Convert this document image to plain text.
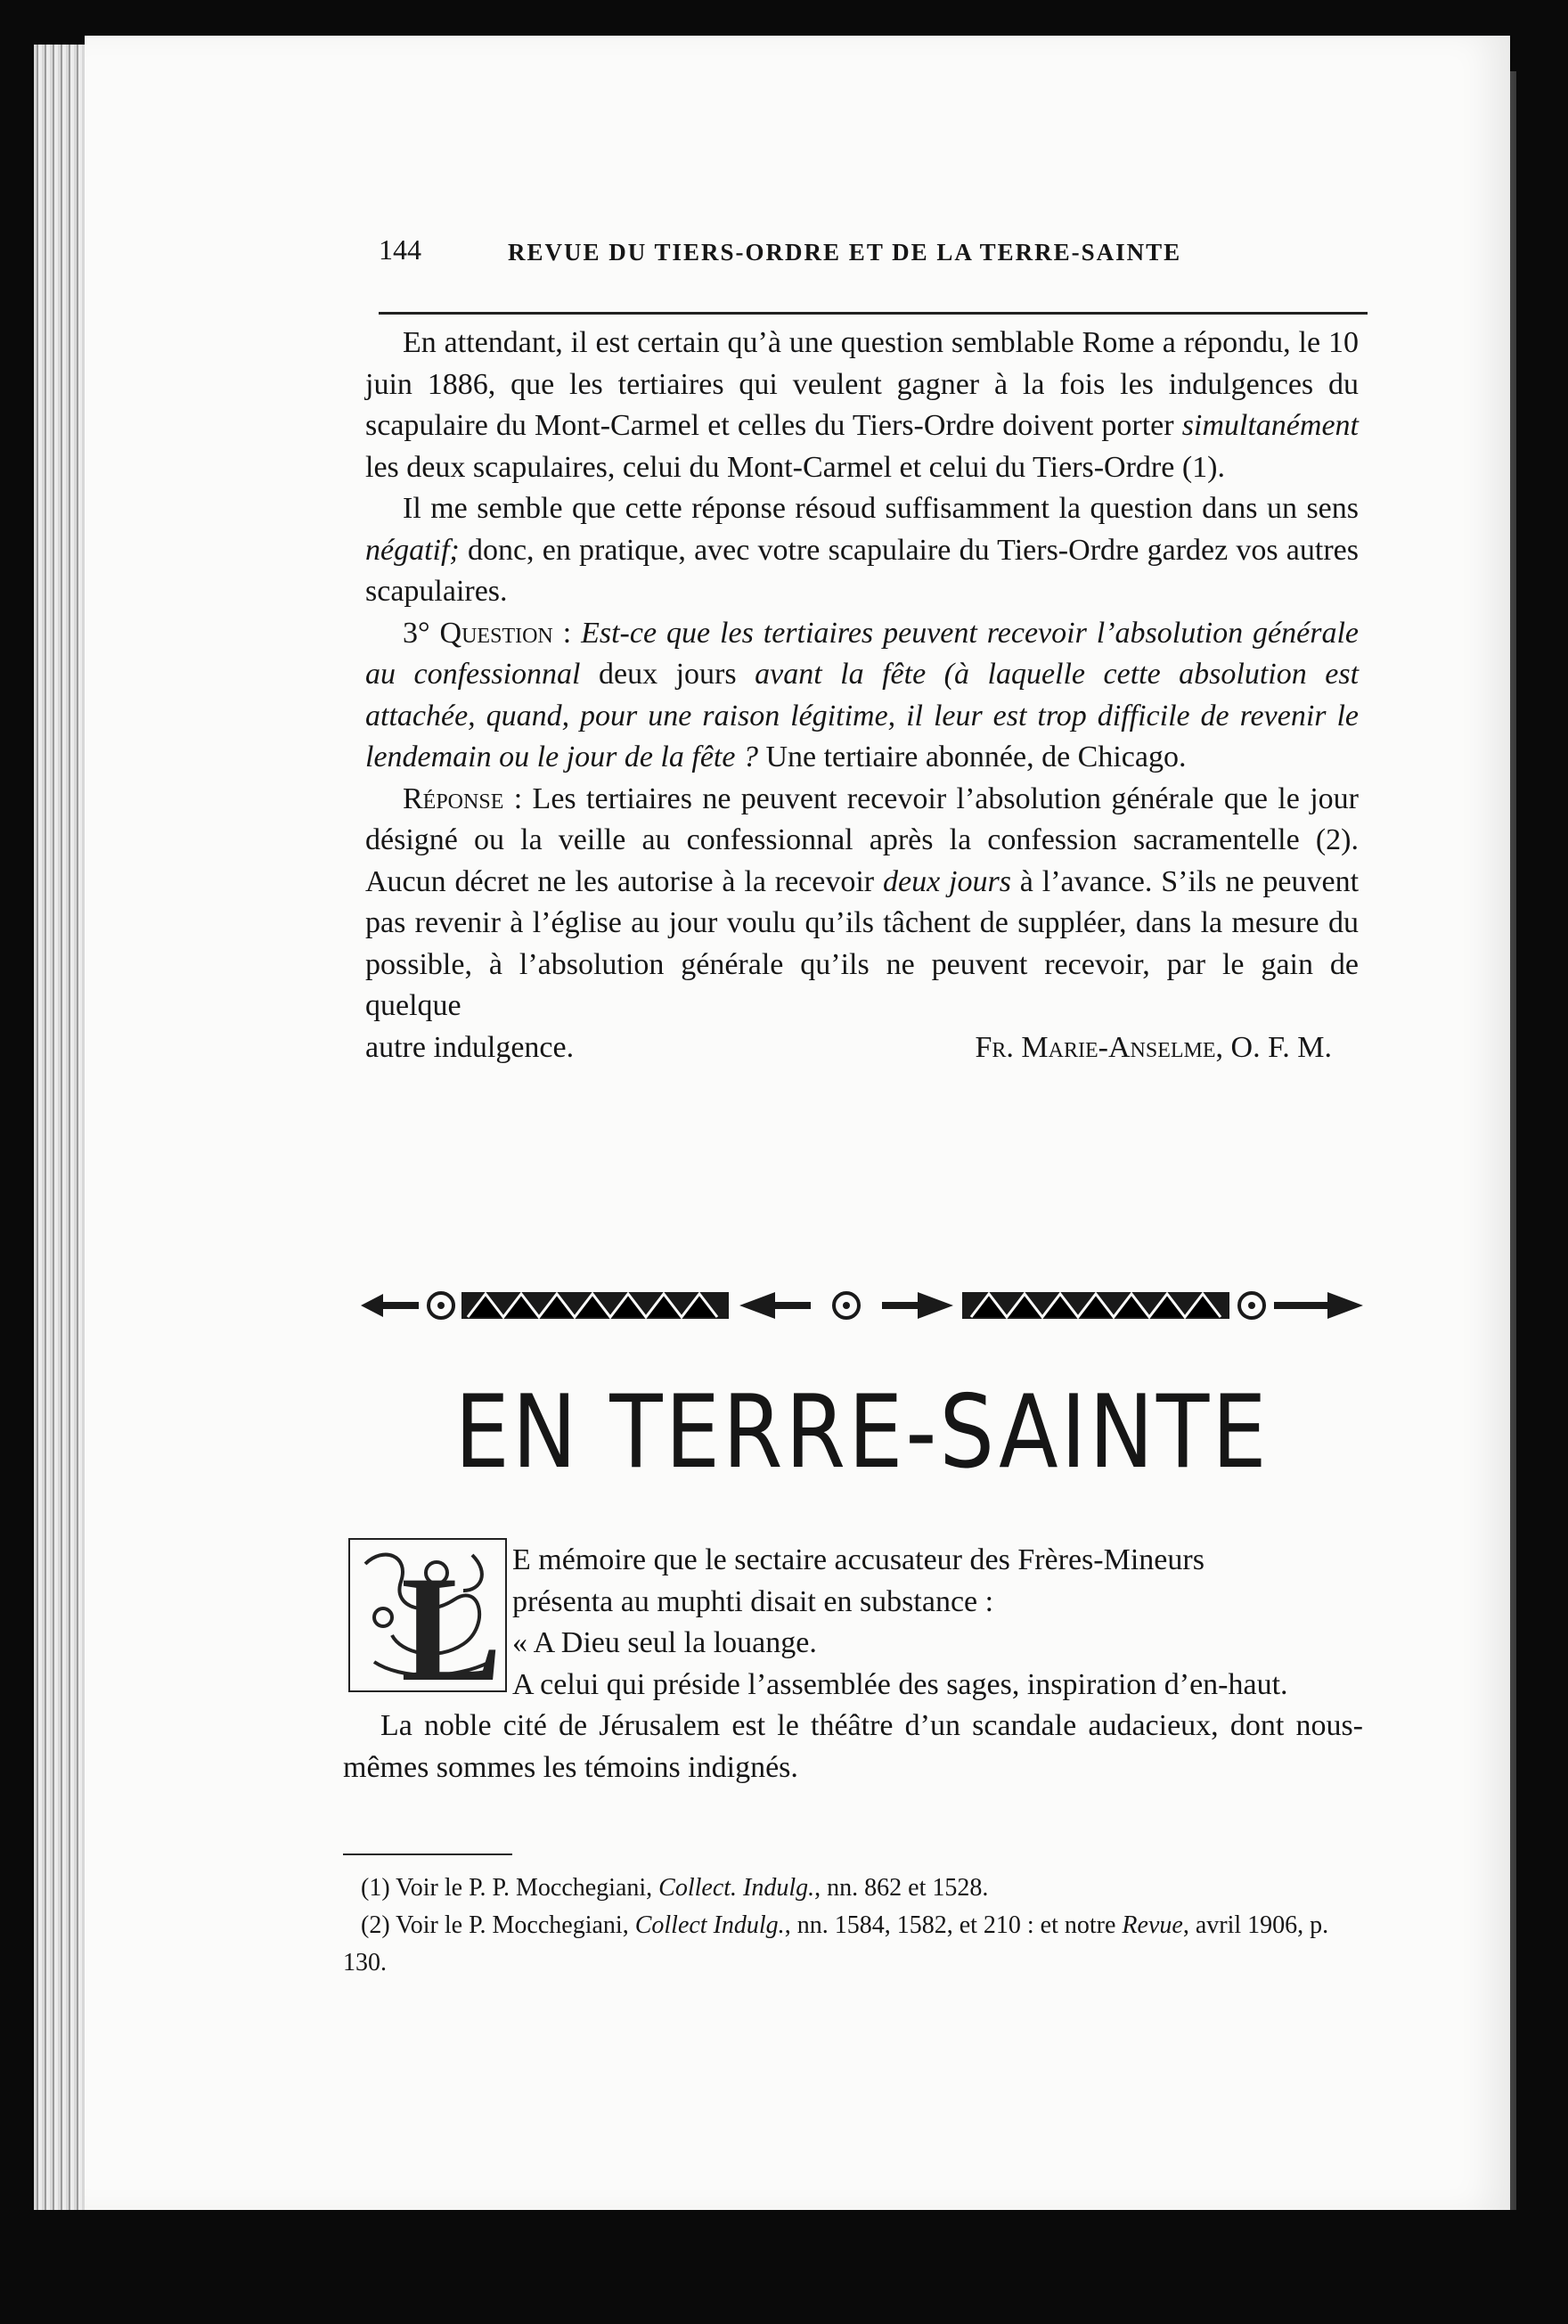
144	REVUE DU TIERS-ORDRE ET DE LA TERRE-SAINTE

En attendant, il est certain qu’à une question semblable Rome a répondu, le 10 juin 1886, que les tertiaires qui veulent gagner à la fois les indulgences du scapulaire du Mont-Carmel et celles du Tiers-Ordre doivent porter simultanément les deux scapulaires, celui du Mont-Carmel et celui du Tiers-Ordre (1).

Il me semble que cette réponse résoud suffisamment la question dans un sens négatif; donc, en pratique, avec votre scapulaire du Tiers-Ordre gardez vos autres scapulaires.

3° Question : Est-ce que les tertiaires peuvent recevoir l’absolution générale au confessionnal deux jours avant la fête (à laquelle cette absolution est attachée, quand, pour une raison légitime, il leur est trop difficile de revenir le lendemain ou le jour de la fête ? Une tertiaire abonnée, de Chicago.

Réponse : Les tertiaires ne peuvent recevoir l’absolution générale que le jour désigné ou la veille au confessionnal après la confession sacramentelle (2). Aucun décret ne les autorise à la recevoir deux jours à l’avance. S’ils ne peuvent pas revenir à l’église au jour voulu qu’ils tâchent de suppléer, dans la mesure du possible, à l’absolution générale qu’ils ne peuvent recevoir, par le gain de quelque

autre indulgence.	Fr. Marie-Anselme, O. F. M.
EN TERRE-SAINTE
L E mémoire que le sectaire accusateur des Frères-Mineurs

présenta au muphti disait en substance :

« A Dieu seul la louange.

A celui qui préside l’assemblée des sages, inspiration d’en-haut.

La noble cité de Jérusalem est le théâtre d’un scandale audacieux, dont nous-mêmes sommes les témoins indignés.

(1) Voir le P. P. Mocchegiani, Collect. Indulg., nn. 862 et 1528.

(2) Voir le P. Mocchegiani, Collect Indulg., nn. 1584, 1582, et 210 : et notre Revue, avril 1906, p. 130.
